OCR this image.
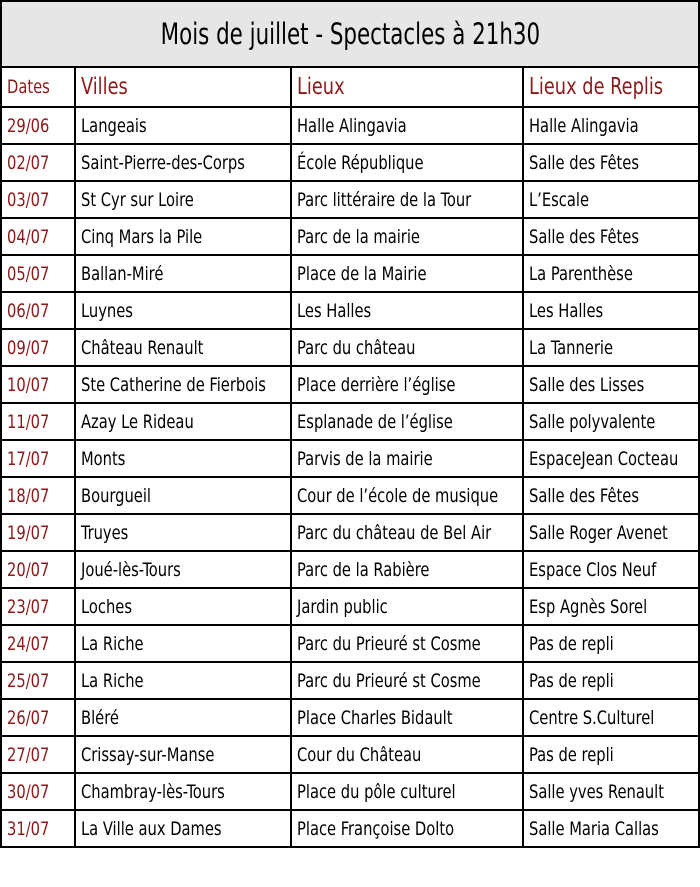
Mois de juillet - Spectacles à 21h30			
Dates	Villes	Lieux	Lieux de Replis
29/06	Langeais	Halle Alingavia	Halle Alingavia
02/07	Saint-Pierre-des-Corps	École République	Salle des Fêtes
03/07	St Cyr sur Loire	Parc littéraire de la Tour	L’Escale
04/07	Cinq Mars la Pile	Parc de la mairie	Salle des Fêtes
05/07	Ballan-Miré	Place de la Mairie	La Parenthèse
06/07	Luynes	Les Halles	Les Halles
09/07	Château Renault	Parc du château	La Tannerie
10/07	Ste Catherine de Fierbois	Place derrière l’église	Salle des Lisses
11/07	Azay Le Rideau	Esplanade de l’église	Salle polyvalente
17/07	Monts	Parvis de la mairie	EspaceJean Cocteau
18/07	Bourgueil	Cour de l’école de musique	Salle des Fêtes
19/07	Truyes	Parc du château de Bel Air	Salle Roger Avenet
20/07	Joué-lès-Tours	Parc de la Rabière	Espace Clos Neuf
23/07	Loches	Jardin public	Esp Agnès Sorel
24/07	La Riche	Parc du Prieuré st Cosme	Pas de repli
25/07	La Riche	Parc du Prieuré st Cosme	Pas de repli
26/07	Bléré	Place Charles Bidault	Centre S.Culturel
27/07	Crissay-sur-Manse	Cour du Château	Pas de repli
30/07	Chambray-lès-Tours	Place du pôle culturel	Salle yves Renault
31/07	La Ville aux Dames	Place Françoise Dolto	Salle Maria Callas
